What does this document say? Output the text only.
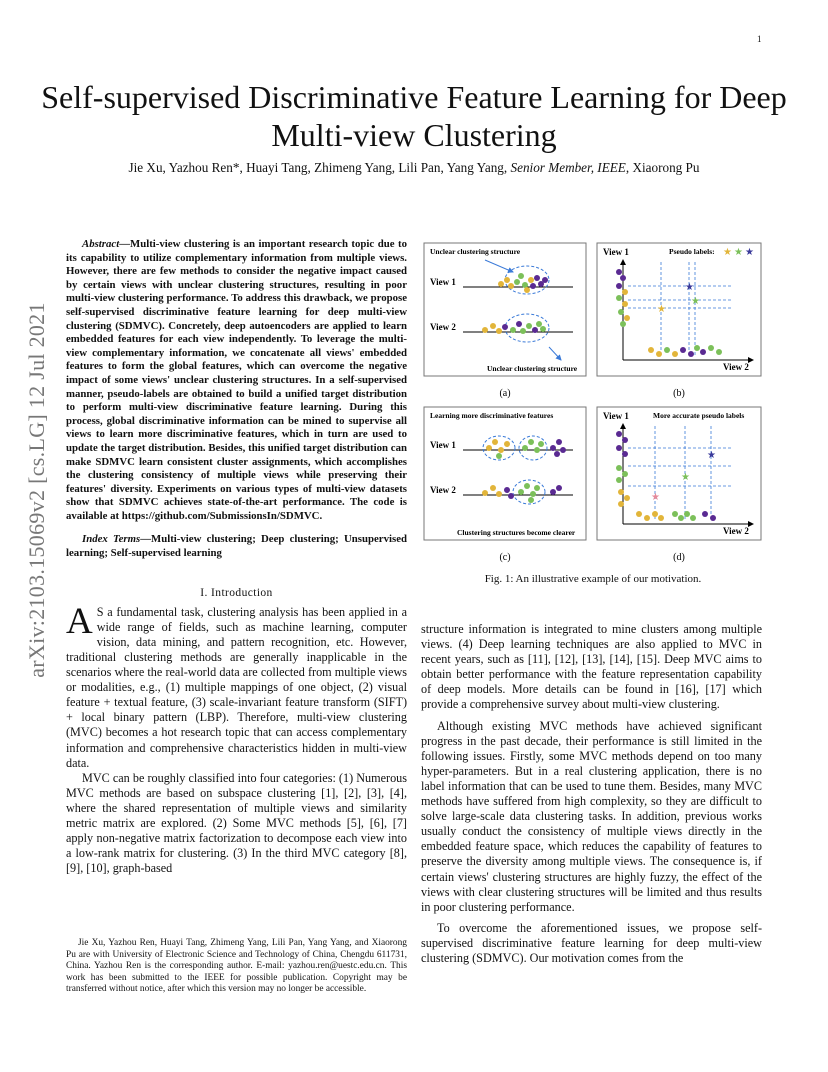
1
Self-supervised Discriminative Feature Learning for Deep Multi-view Clustering
Jie Xu, Yazhou Ren*, Huayi Tang, Zhimeng Yang, Lili Pan, Yang Yang, Senior Member, IEEE, Xiaorong Pu
arXiv:2103.15069v2 [cs.LG] 12 Jul 2021

Abstract—Multi-view clustering is an important research topic due to its capability to utilize complementary information from multiple views. However, there are few methods to consider the negative impact caused by certain views with unclear clustering structures, resulting in poor multi-view clustering performance. To address this drawback, we propose self-supervised discriminative feature learning for deep multi-view clustering (SDMVC). Concretely, deep autoencoders are applied to learn embedded features for each view independently. To leverage the multi-view complementary information, we concatenate all views' embedded features to form the global features, which can overcome the negative impact of some views' unclear clustering structures. In a self-supervised manner, pseudo-labels are obtained to build a unified target distribution to perform multi-view discriminative feature learning. During this process, global discriminative information can be mined to supervise all views to learn more discriminative features, which in turn are used to update the target distribution. Besides, this unified target distribution can make SDMVC learn consistent cluster assignments, which accomplishes the clustering consistency of multiple views while preserving their features' diversity. Experiments on various types of multi-view datasets show that SDMVC achieves state-of-the-art performance. The code is available at https://github.com/SubmissionsIn/SDMVC.

Index Terms—Multi-view clustering; Deep clustering; Unsupervised learning; Self-supervised learning

I. Introduction

A S a fundamental task, clustering analysis has been applied in a wide range of fields, such as machine learning, computer vision, data mining, and pattern recognition, etc. However, traditional clustering methods are generally inapplicable in the scenarios where the real-world data are collected from multiple views or modalities, e.g., (1) multiple mappings of one object, (2) visual feature + textual feature, (3) scale-invariant feature transform (SIFT) + local binary pattern (LBP). Therefore, multi-view clustering (MVC) becomes a hot research topic that can access complementary information and comprehensive characteristics hidden in multi-view data.

MVC can be roughly classified into four categories: (1) Numerous MVC methods are based on subspace clustering [1], [2], [3], [4], where the shared representation of multiple views and similarity metric matrix are explored. (2) Some MVC methods [5], [6], [7] apply non-negative matrix factorization to decompose each view into a low-rank matrix for clustering. (3) In the third MVC category [8], [9], [10], graph-based

Jie Xu, Yazhou Ren, Huayi Tang, Zhimeng Yang, Lili Pan, Yang Yang, and Xiaorong Pu are with University of Electronic Science and Technology of China, Chengdu 611731, China. Yazhou Ren is the corresponding author. E-mail: yazhou.ren@uestc.edu.cn. This work has been submitted to the IEEE for possible publication. Copyright may be transferred without notice, after which this version may no longer be accessible.

Unclear clustering structure
View 1
View 2
Unclear clustering structure
View 1
View 2
Pseudo labels: ★ ★ ★
★
★
★
Learning more discriminative features
View 1
View 2
Clustering structures become clearer
View 1
View 2
More accurate pseudo labels
★
★
★
(a)	(b)
(c)	(d)
Fig. 1: An illustrative example of our motivation.

structure information is integrated to mine clusters among multiple views. (4) Deep learning techniques are also applied to MVC in recent years, such as [11], [12], [13], [14], [15]. Deep MVC aims to obtain better performance with the feature representation capability of deep models. More details can be found in [16], [17] which provide a comprehensive survey about multi-view clustering.

Although existing MVC methods have achieved significant progress in the past decade, their performance is still limited in the following issues. Firstly, some MVC methods depend on too many hyper-parameters. But in a real clustering application, there is no label information that can be used to tune them. Besides, many MVC methods have suffered from high complexity, so they are difficult to solve large-scale data clustering tasks. In addition, previous works usually conduct the consistency of multiple views directly in the embedded feature space, which reduces the capability of features to preserve the diversity among multiple views. The consequence is, if certain views' clustering structures are highly fuzzy, the effect of the views with clear clustering structures will be limited and thus results in poor clustering performance.

To overcome the aforementioned issues, we propose self-supervised discriminative feature learning for deep multi-view clustering (SDMVC). Our motivation comes from the
